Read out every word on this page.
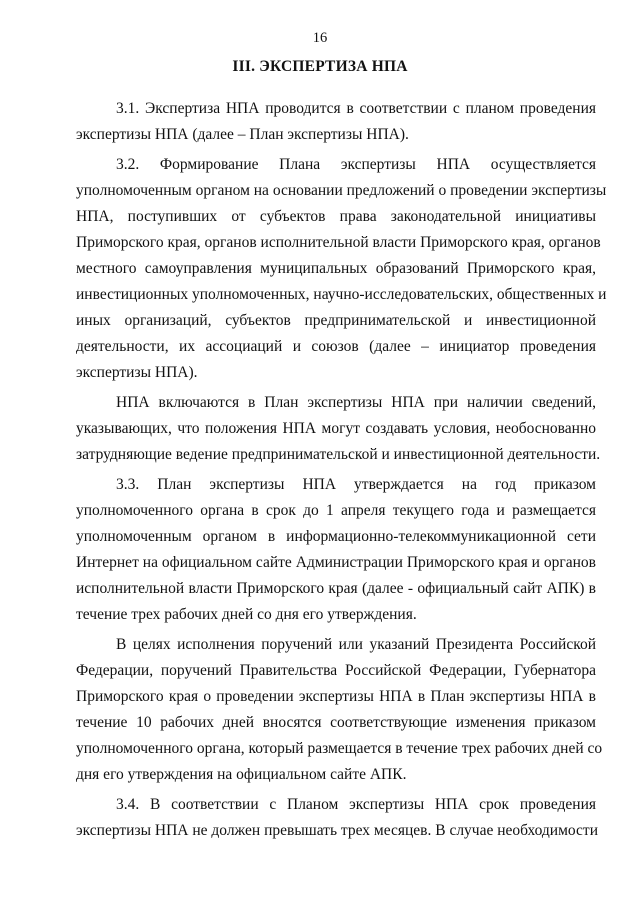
16
III. ЭКСПЕРТИЗА НПА
3.1. Экспертиза НПА проводится в соответствии с планом проведения
экспертизы НПА (далее – План экспертизы НПА).
3.2. Формирование Плана экспертизы НПА осуществляется
уполномоченным органом на основании предложений о проведении экспертизы
НПА, поступивших от субъектов права законодательной инициативы
Приморского края, органов исполнительной власти Приморского края, органов
местного самоуправления муниципальных образований Приморского края,
инвестиционных уполномоченных, научно-исследовательских, общественных и
иных организаций, субъектов предпринимательской и инвестиционной
деятельности, их ассоциаций и союзов (далее – инициатор проведения
экспертизы НПА).
НПА включаются в План экспертизы НПА при наличии сведений,
указывающих, что положения НПА могут создавать условия, необоснованно
затрудняющие ведение предпринимательской и инвестиционной деятельности.
3.3. План экспертизы НПА утверждается на год приказом
уполномоченного органа в срок до 1 апреля текущего года и размещается
уполномоченным органом в информационно-телекоммуникационной сети
Интернет на официальном сайте Администрации Приморского края и органов
исполнительной власти Приморского края (далее - официальный сайт АПК) в
течение трех рабочих дней со дня его утверждения.
В целях исполнения поручений или указаний Президента Российской
Федерации, поручений Правительства Российской Федерации, Губернатора
Приморского края о проведении экспертизы НПА в План экспертизы НПА в
течение 10 рабочих дней вносятся соответствующие изменения приказом
уполномоченного органа, который размещается в течение трех рабочих дней со
дня его утверждения на официальном сайте АПК.
3.4. В соответствии с Планом экспертизы НПА срок проведения
экспертизы НПА не должен превышать трех месяцев. В случае необходимости
